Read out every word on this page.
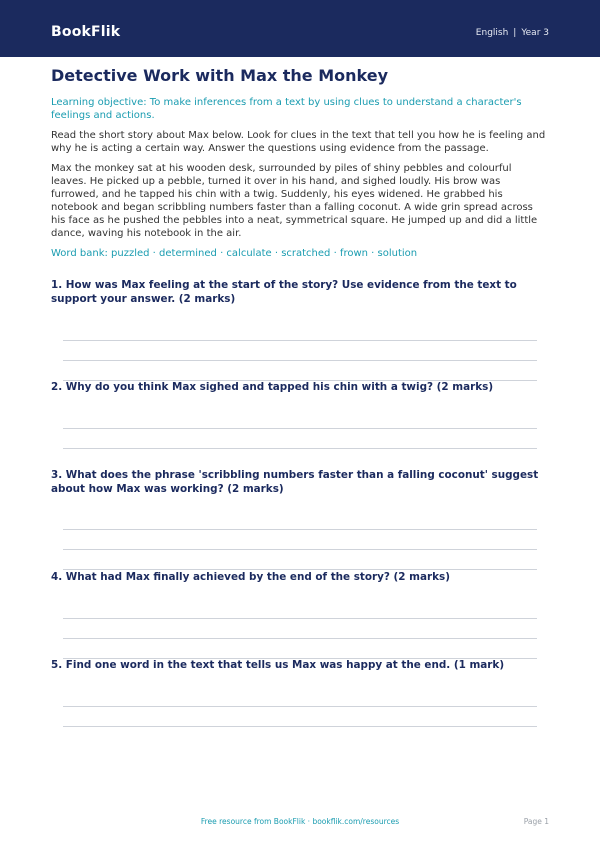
BookFlik	English | Year 3
Detective Work with Max the Monkey
Learning objective: To make inferences from a text by using clues to understand a character's feelings and actions.
Read the short story about Max below. Look for clues in the text that tell you how he is feeling and why he is acting a certain way. Answer the questions using evidence from the passage.
Max the monkey sat at his wooden desk, surrounded by piles of shiny pebbles and colourful leaves. He picked up a pebble, turned it over in his hand, and sighed loudly. His brow was furrowed, and he tapped his chin with a twig. Suddenly, his eyes widened. He grabbed his notebook and began scribbling numbers faster than a falling coconut. A wide grin spread across his face as he pushed the pebbles into a neat, symmetrical square. He jumped up and did a little dance, waving his notebook in the air.
Word bank: puzzled · determined · calculate · scratched · frown · solution
1. How was Max feeling at the start of the story? Use evidence from the text to support your answer. (2 marks)
2. Why do you think Max sighed and tapped his chin with a twig? (2 marks)
3. What does the phrase 'scribbling numbers faster than a falling coconut' suggest about how Max was working? (2 marks)
4. What had Max finally achieved by the end of the story? (2 marks)
5. Find one word in the text that tells us Max was happy at the end. (1 mark)
Free resource from BookFlik · bookflik.com/resources	Page 1
